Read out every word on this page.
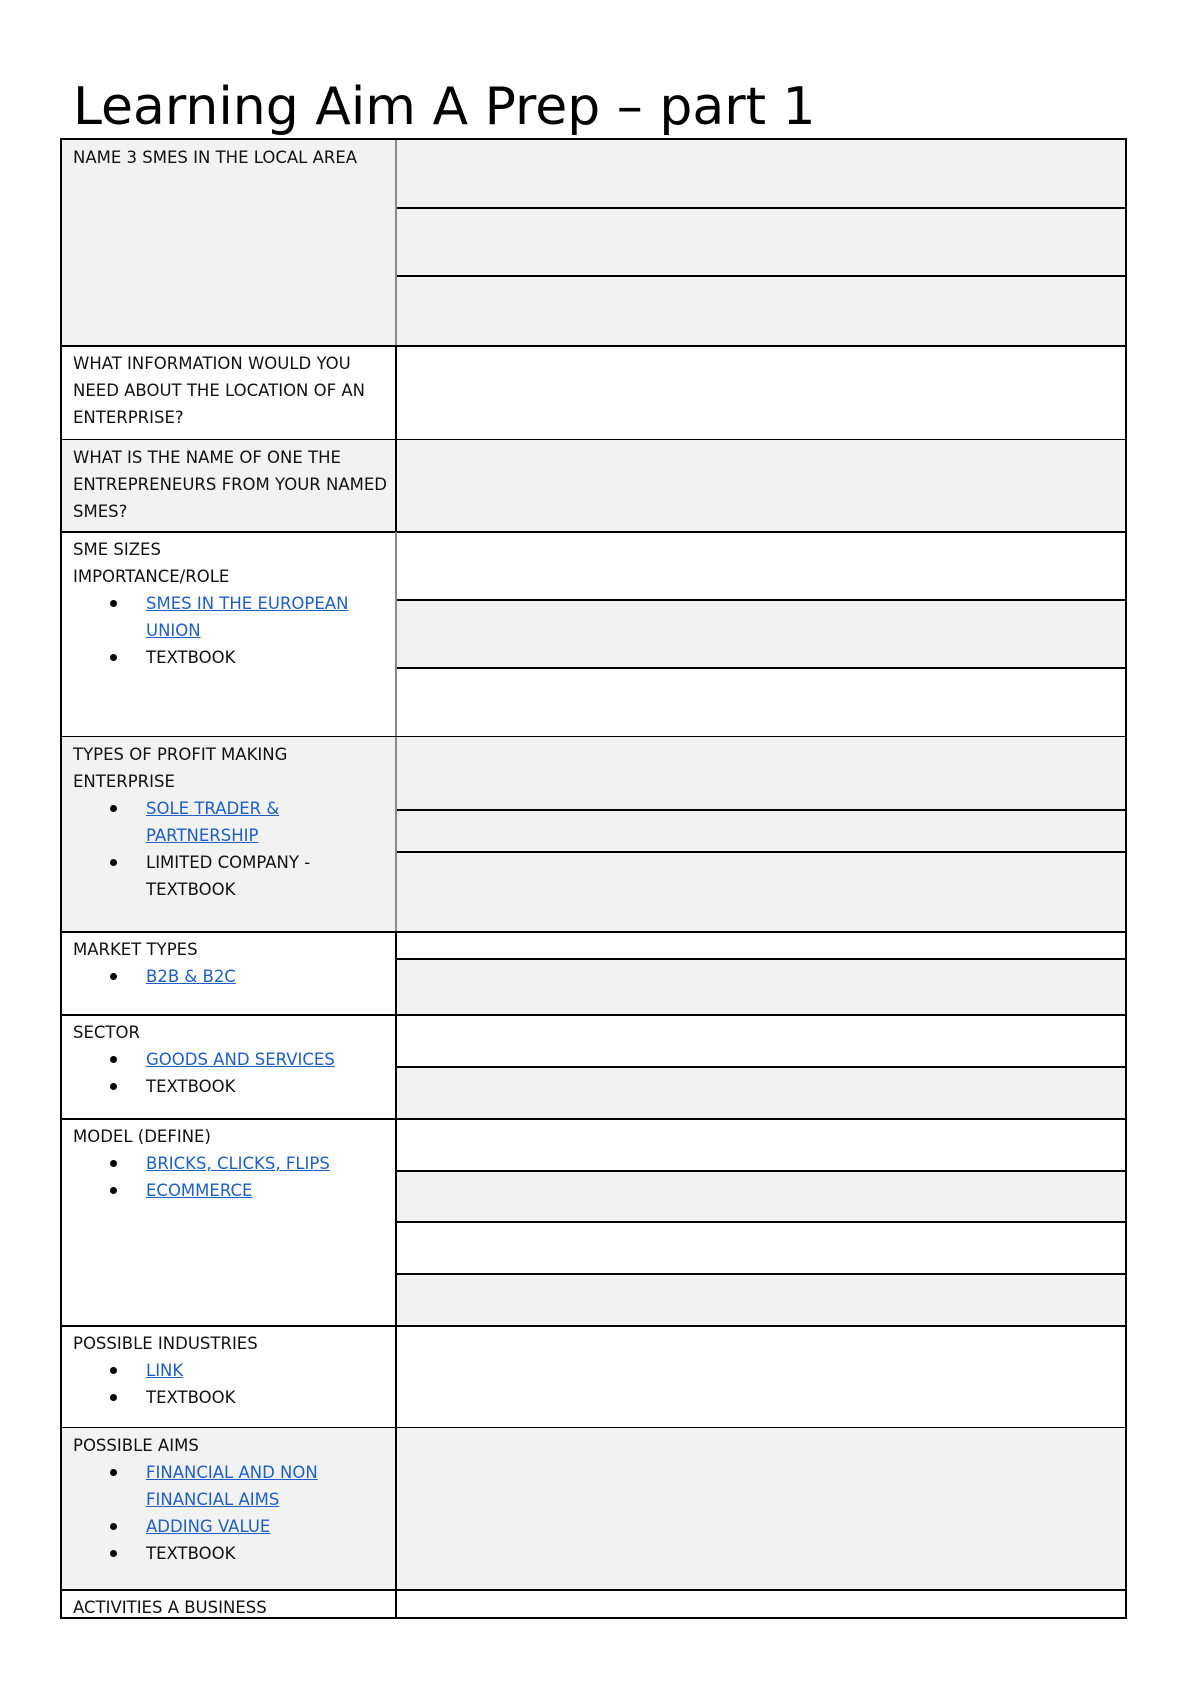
Learning Aim A Prep – part 1
NAME 3 SMES IN THE LOCAL AREA
WHAT INFORMATION WOULD YOU NEED ABOUT THE LOCATION OF AN ENTERPRISE?
WHAT IS THE NAME OF ONE THE ENTREPRENEURS FROM YOUR NAMED SMES?
SME SIZES
IMPORTANCE/ROLE
SMES IN THE EUROPEAN UNION
TEXTBOOK
TYPES OF PROFIT MAKING ENTERPRISE
SOLE TRADER & PARTNERSHIP
LIMITED COMPANY - TEXTBOOK
MARKET TYPES
B2B & B2C
SECTOR
GOODS AND SERVICES
TEXTBOOK
MODEL (DEFINE)
BRICKS, CLICKS, FLIPS
ECOMMERCE
POSSIBLE INDUSTRIES
LINK
TEXTBOOK
POSSIBLE AIMS
FINANCIAL AND NON FINANCIAL AIMS
ADDING VALUE
TEXTBOOK
ACTIVITIES A BUSINESS
